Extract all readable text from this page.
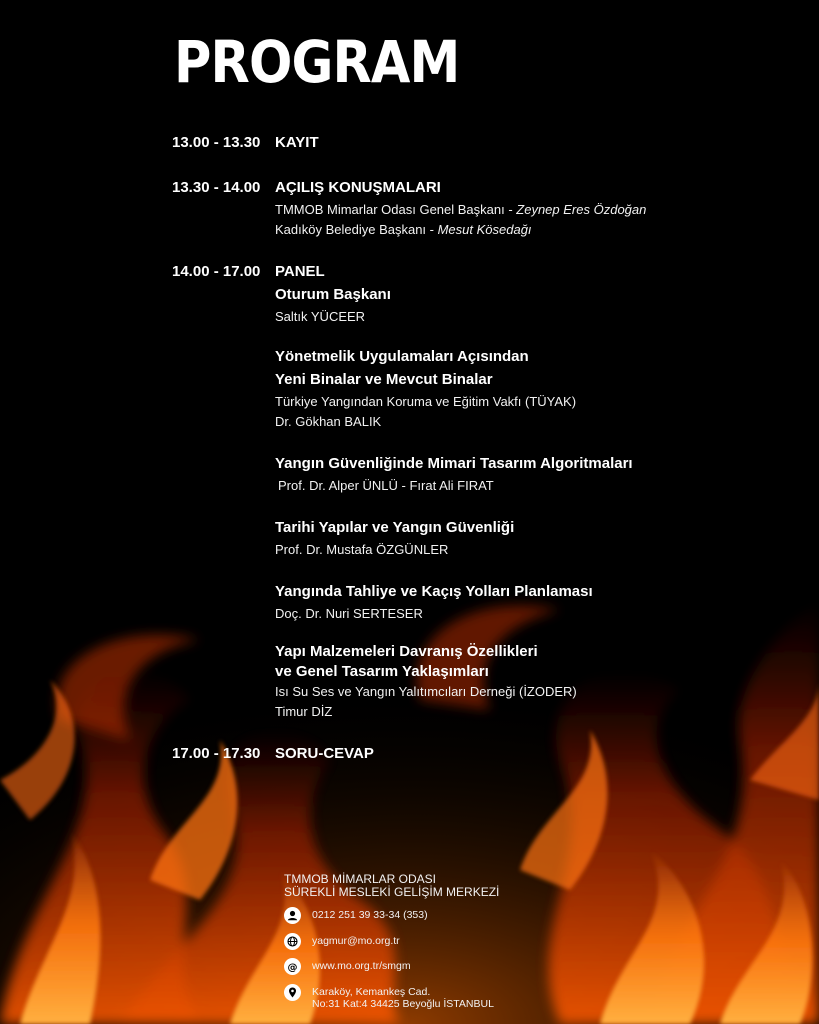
PROGRAM
13.00 - 13.30 KAYIT
13.30 - 14.00 AÇILIŞ KONUŞMALARI
TMMOB Mimarlar Odası Genel Başkanı - Zeynep Eres Özdoğan
Kadıköy Belediye Başkanı - Mesut Kösedağı
14.00 - 17.00 PANEL
Oturum Başkanı
Saltık YÜCEER
Yönetmelik Uygulamaları Açısından
Yeni Binalar ve Mevcut Binalar
Türkiye Yangından Koruma ve Eğitim Vakfı (TÜYAK)
Dr. Gökhan BALIK
Yangın Güvenliğinde Mimari Tasarım Algoritmaları
Prof. Dr. Alper ÜNLÜ - Fırat Ali FIRAT
Tarihi Yapılar ve Yangın Güvenliği
Prof. Dr. Mustafa ÖZGÜNLER
Yangında Tahliye ve Kaçış Yolları Planlaması
Doç. Dr. Nuri SERTESER
Yapı Malzemeleri Davranış Özellikleri
ve Genel Tasarım Yaklaşımları
Isı Su Ses ve Yangın Yalıtımcıları Derneği (İZODER)
Timur DİZ
17.00 - 17.30 SORU-CEVAP
TMMOB MİMARLAR ODASI
SÜREKLİ MESLEKİ GELİŞİM MERKEZİ
0212 251 39 33-34 (353)
yagmur@mo.org.tr
@ www.mo.org.tr/smgm
Karaköy, Kemankeş Cad.
No:31 Kat:4 34425 Beyoğlu İSTANBUL
